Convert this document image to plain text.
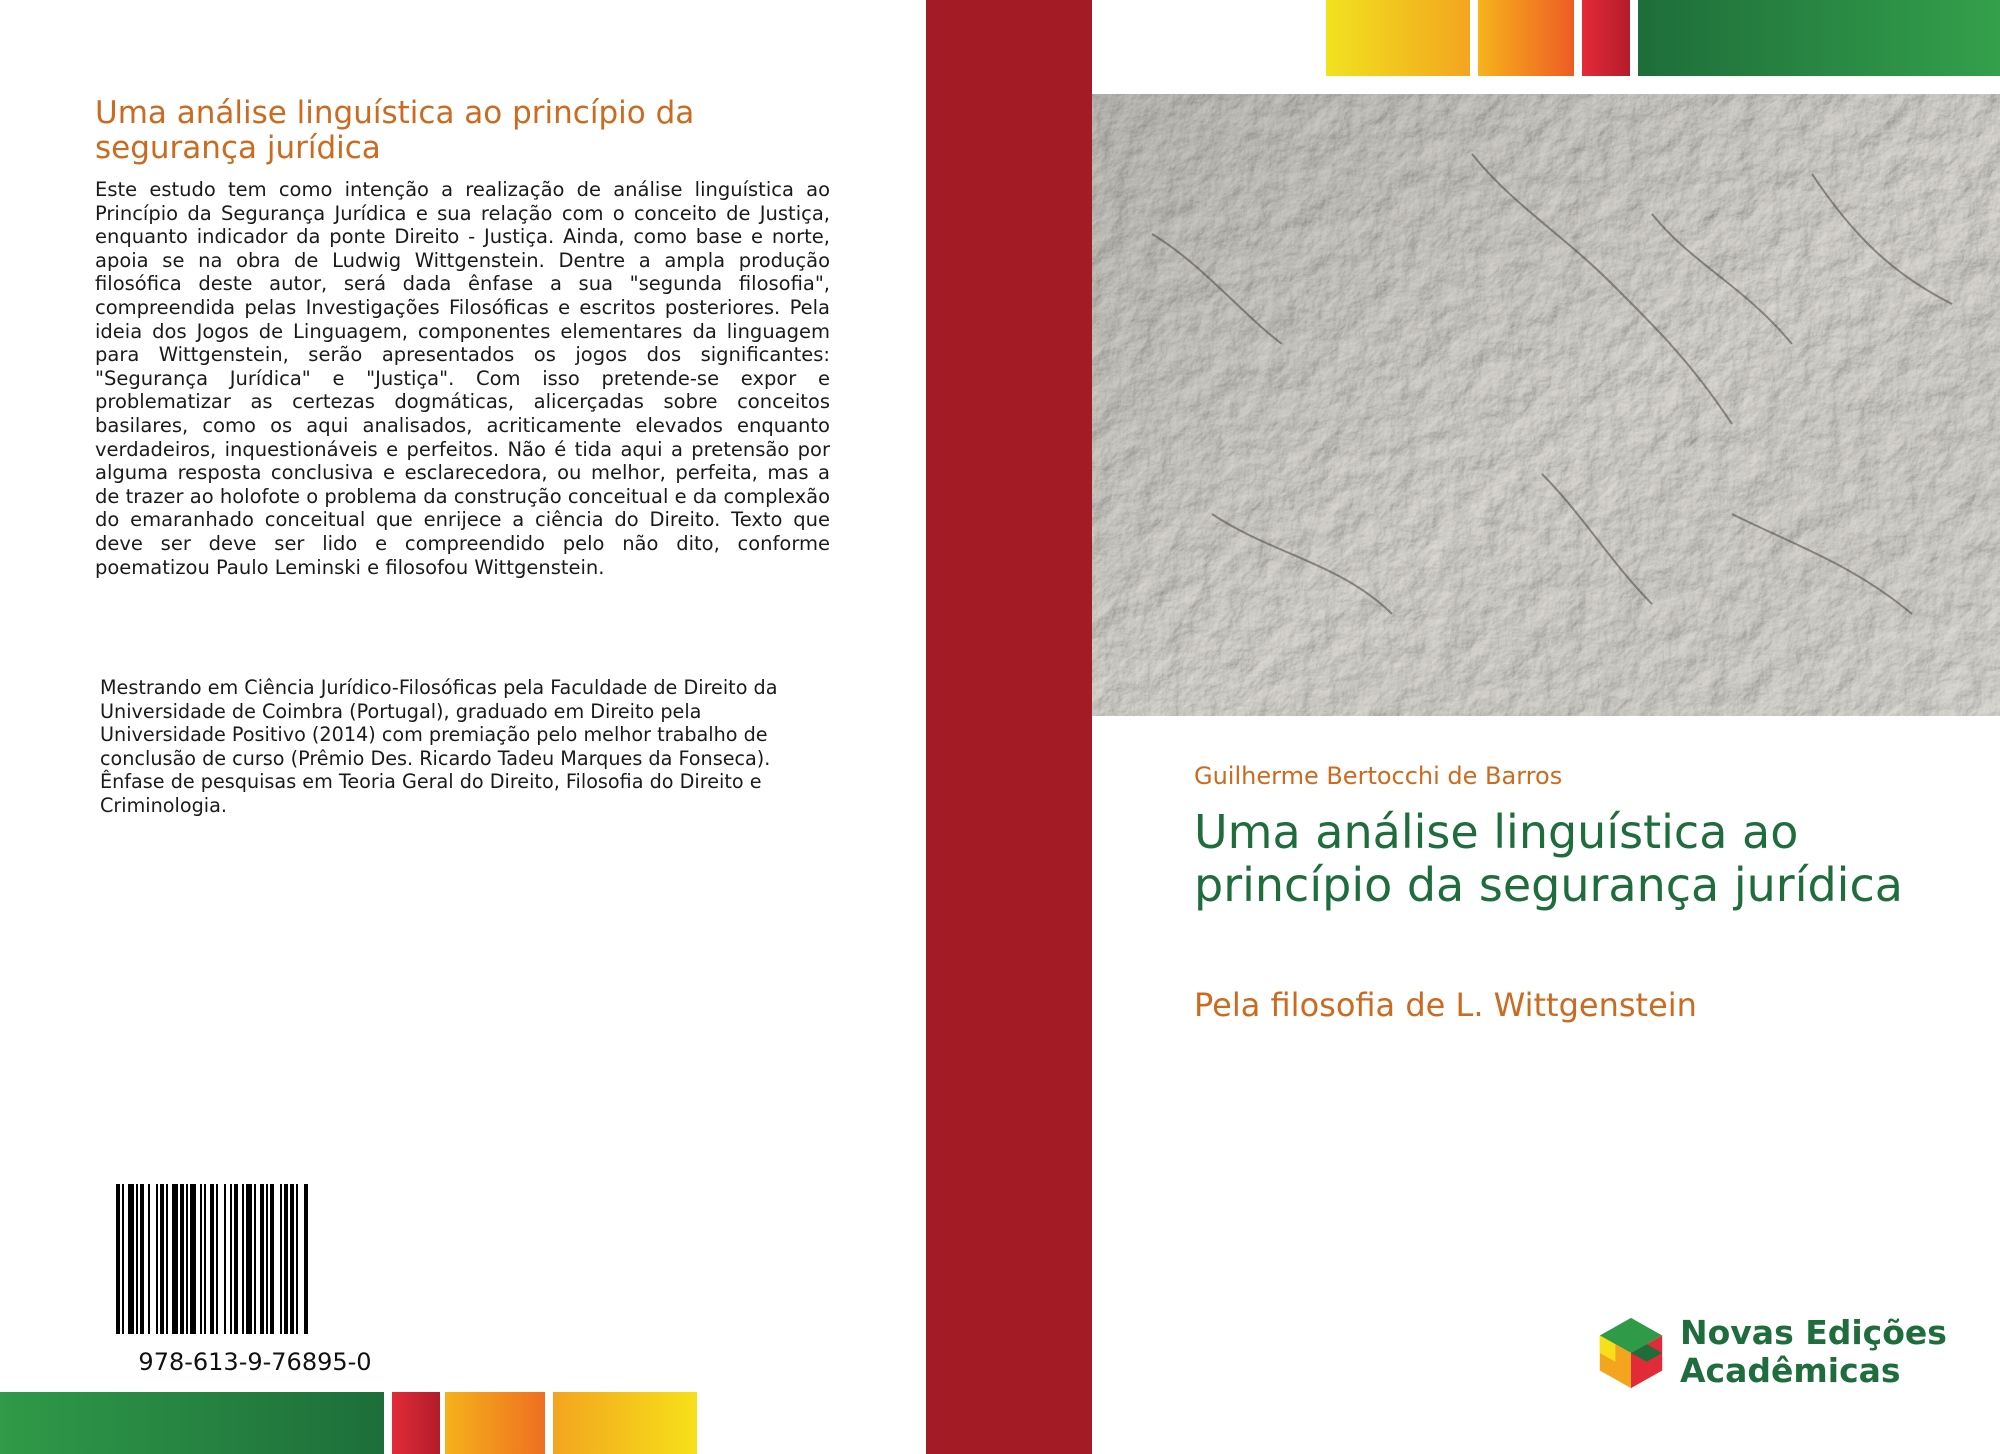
Uma análise linguística ao princípio da segurança jurídica
Este estudo tem como intenção a realização de análise linguística ao Princípio da Segurança Jurídica e sua relação com o conceito de Justiça, enquanto indicador da ponte Direito - Justiça. Ainda, como base e norte, apoia se na obra de Ludwig Wittgenstein. Dentre a ampla produção filosófica deste autor, será dada ênfase a sua "segunda filosofia", compreendida pelas Investigações Filosóficas e escritos posteriores. Pela ideia dos Jogos de Linguagem, componentes elementares da linguagem para Wittgenstein, serão apresentados os jogos dos significantes: "Segurança Jurídica" e "Justiça". Com isso pretende-se expor e problematizar as certezas dogmáticas, alicerçadas sobre conceitos basilares, como os aqui analisados, acriticamente elevados enquanto verdadeiros, inquestionáveis e perfeitos. Não é tida aqui a pretensão por alguma resposta conclusiva e esclarecedora, ou melhor, perfeita, mas a de trazer ao holofote o problema da construção conceitual e da complexão do emaranhado conceitual que enrijece a ciência do Direito. Texto que deve ser deve ser lido e compreendido pelo não dito, conforme poematizou Paulo Leminski e filosofou Wittgenstein.
Mestrando em Ciência Jurídico-Filosóficas pela Faculdade de Direito da Universidade de Coimbra (Portugal), graduado em Direito pela Universidade Positivo (2014) com premiação pelo melhor trabalho de conclusão de curso (Prêmio Des. Ricardo Tadeu Marques da Fonseca). Ênfase de pesquisas em Teoria Geral do Direito, Filosofia do Direito e Criminologia.
978-613-9-76895-0
Guilherme Bertocchi de Barros
Uma análise linguística ao princípio da segurança jurídica
Pela filosofia de L. Wittgenstein
Novas Edições
Acadêmicas
